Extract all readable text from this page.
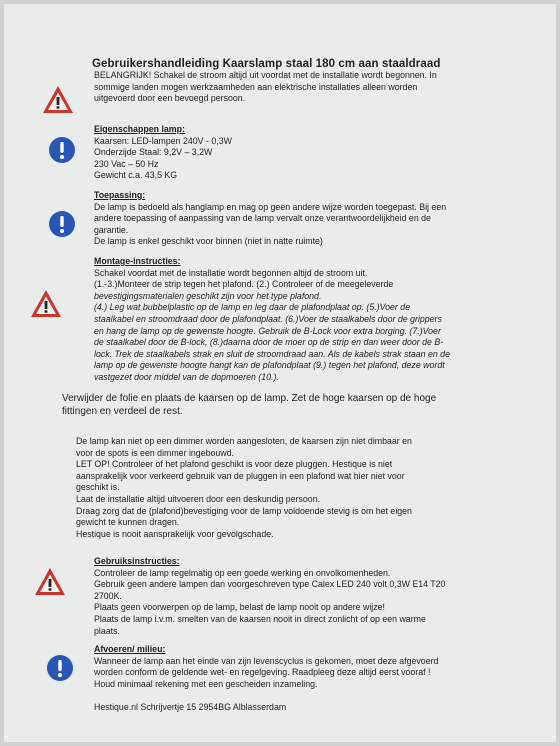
Gebruikershandleiding Kaarslamp staal 180 cm aan staaldraad
BELANGRIJK! Schakel de stroom altijd uit voordat met de installatie wordt begonnen. In
sommige landen mogen werkzaamheden aan elektrische installaties alleen worden
uitgevoerd door een bevoegd persoon.
Eigenschappen lamp:
Kaarsen: LED-lampen 240V - 0,3W
Onderzijde Staal: 9,2V – 3,2W
230 Vac – 50 Hz
Gewicht c.a. 43,5 KG
Toepassing:
De lamp is bedoeld als hanglamp en mag op geen andere wijze worden toegepast. Bij een
andere toepassing of aanpassing van de lamp vervalt onze verantwoordelijkheid en de
garantie.
De lamp is enkel geschikt voor binnen (niet in natte ruimte)
Montage-instructies:
Schakel voordat met de installatie wordt begonnen altijd de stroom uit.
(1.-3.)Monteer de strip tegen het plafond. (2.) Controleer of de meegeleverde
bevestigingsmaterialen geschikt zijn voor het type plafond.
(4.) Leg wat bubbelplastic op de lamp en leg daar de plafondplaat op. (5.)Voer de
staalkabel en stroomdraad door de plafondplaat. (6.)Voer de staalkabels door de grippers
en hang de lamp op de gewenste hoogte. Gebruik de B-Lock voor extra borging. (7.)Voer
de staalkabel door de B-lock, (8.)daarna door de moer op de strip en dan weer door de B-
lock. Trek de staalkabels strak en sluit de stroomdraad aan. Als de kabels strak staan en de
lamp op de gewenste hoogte hangt kan de plafondplaat (9.) tegen het plafond, deze wordt
vastgezet door middel van de dopmoeren (10.).
Verwijder de folie en plaats de kaarsen op de lamp. Zet de hoge kaarsen op de hoge
fittingen en verdeel de rest.
De lamp kan niet op een dimmer worden aangesloten, de kaarsen zijn niet dimbaar en
voor de spots is een dimmer ingebouwd.
LET OP! Controleer of het plafond geschikt is voor deze pluggen. Hestique is niet
aansprakelijk voor verkeerd gebruik van de pluggen in een plafond wat hier niet voor
geschikt is.
Laat de installatie altijd uitvoeren door een deskundig persoon.
Draag zorg dat de (plafond)bevestiging voor de lamp voldoende stevig is om het eigen
gewicht te kunnen dragen.
Hestique is nooit aansprakelijk voor gevolgschade.
Gebruiksinstructies:
Controleer de lamp regelmatig op een goede werking en onvolkomenheden.
Gebruik geen andere lampen dan voorgeschreven type Calex LED 240 volt 0,3W E14 T20
2700K.
Plaats geen voorwerpen op de lamp, belast de lamp nooit op andere wijze!
Plaats de lamp i.v.m. smelten van de kaarsen nooit in direct zonlicht of op een warme
plaats.
Afvoeren/ milieu:
Wanneer de lamp aan het einde van zijn levenscyclus is gekomen, moet deze afgevoerd
worden conform de geldende wet- en regelgeving. Raadpleeg deze altijd eerst vooraf !
Houd minimaal rekening met een gescheiden inzameling.
Hestique.nl Schrijvertje 15 2954BG Alblasserdam
